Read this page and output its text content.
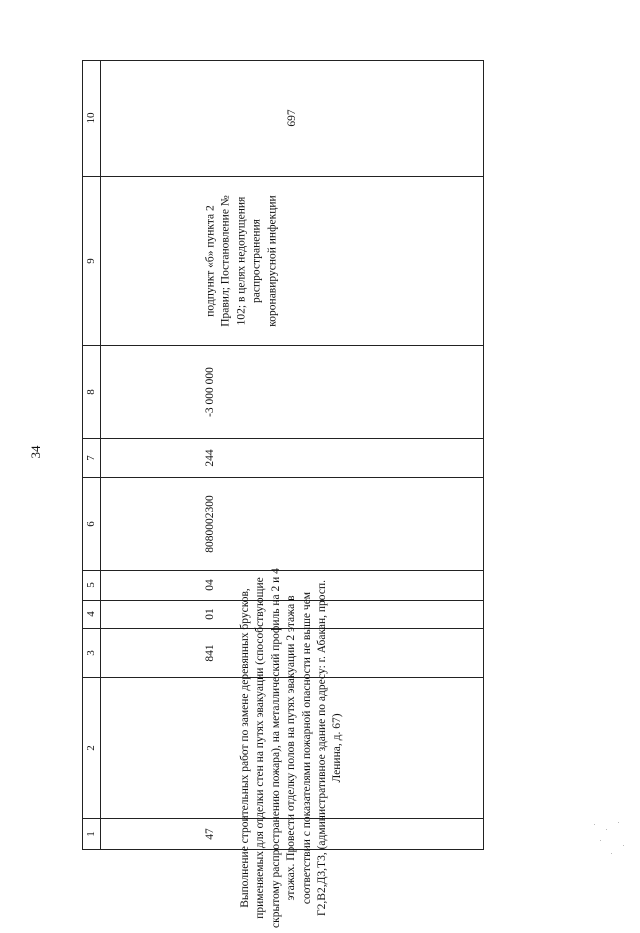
34
10
9
8
7
6
5
4
3
2
1
697
подпункт «б» пункта 2 Правил; Постановление № 102; в целях недопущения распространения коронавирусной инфекции
-3 000 000
244
8080002300
04
01
841 Выполнение строительных работ по замене деревянных брусков, применяемых для отделки стен на путях эвакуации (способствующие скрытому распространению пожара), на металлический профиль на 2 и 4 этажах. Провести отделку полов на путях эвакуации 2 этажа в соответствии с показателями пожарной опасности не выше чем Г2,В2,Д3,Т3, (административное здание по адресу: г. Абакан, просп. Ленина, д. 67)
47
